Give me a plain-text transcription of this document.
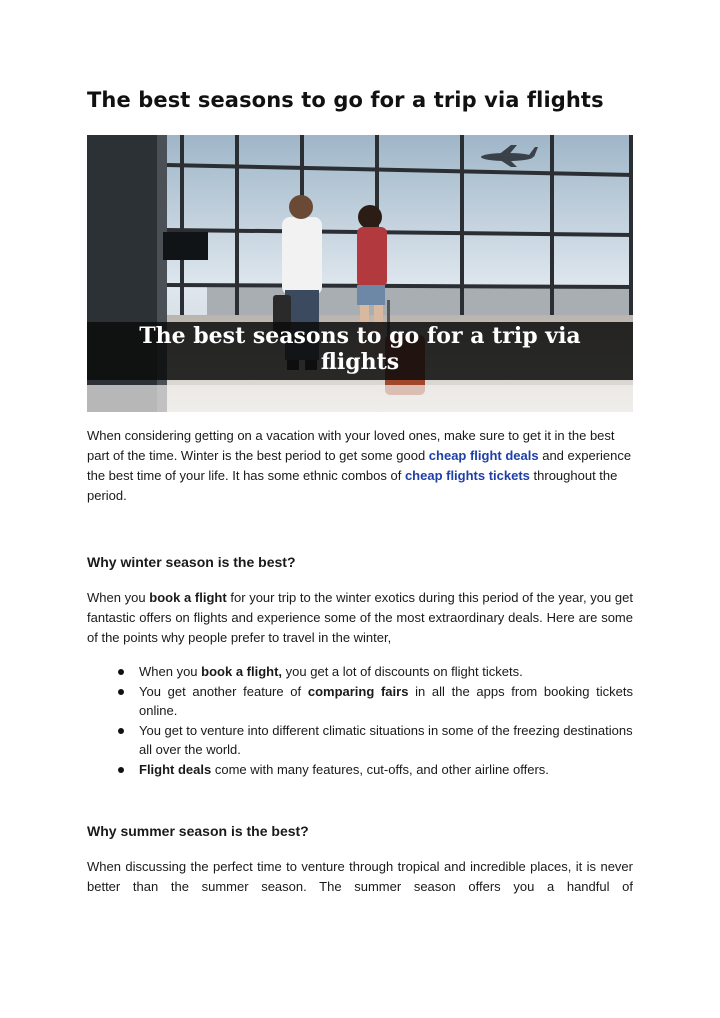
The best seasons to go for a trip via flights
The best seasons to go for a trip via
flights

When considering getting on a vacation with your loved ones, make sure to get it in the best part of the time. Winter is the best period to get some good cheap flight deals and experience the best time of your life. It has some ethnic combos of cheap flights tickets throughout the period.

Why winter season is the best?

When you book a flight for your trip to the winter exotics during this period of the year, you get fantastic offers on flights and experience some of the most extraordinary deals. Here are some of the points why people prefer to travel in the winter,

When you book a flight, you get a lot of discounts on flight tickets.
You get another feature of comparing fairs in all the apps from booking tickets online.
You get to venture into different climatic situations in some of the freezing destinations all over the world.
Flight deals come with many features, cut-offs, and other airline offers.
Why summer season is the best?

When discussing the perfect time to venture through tropical and incredible places, it is never better than the summer season. The summer season offers you a handful of
